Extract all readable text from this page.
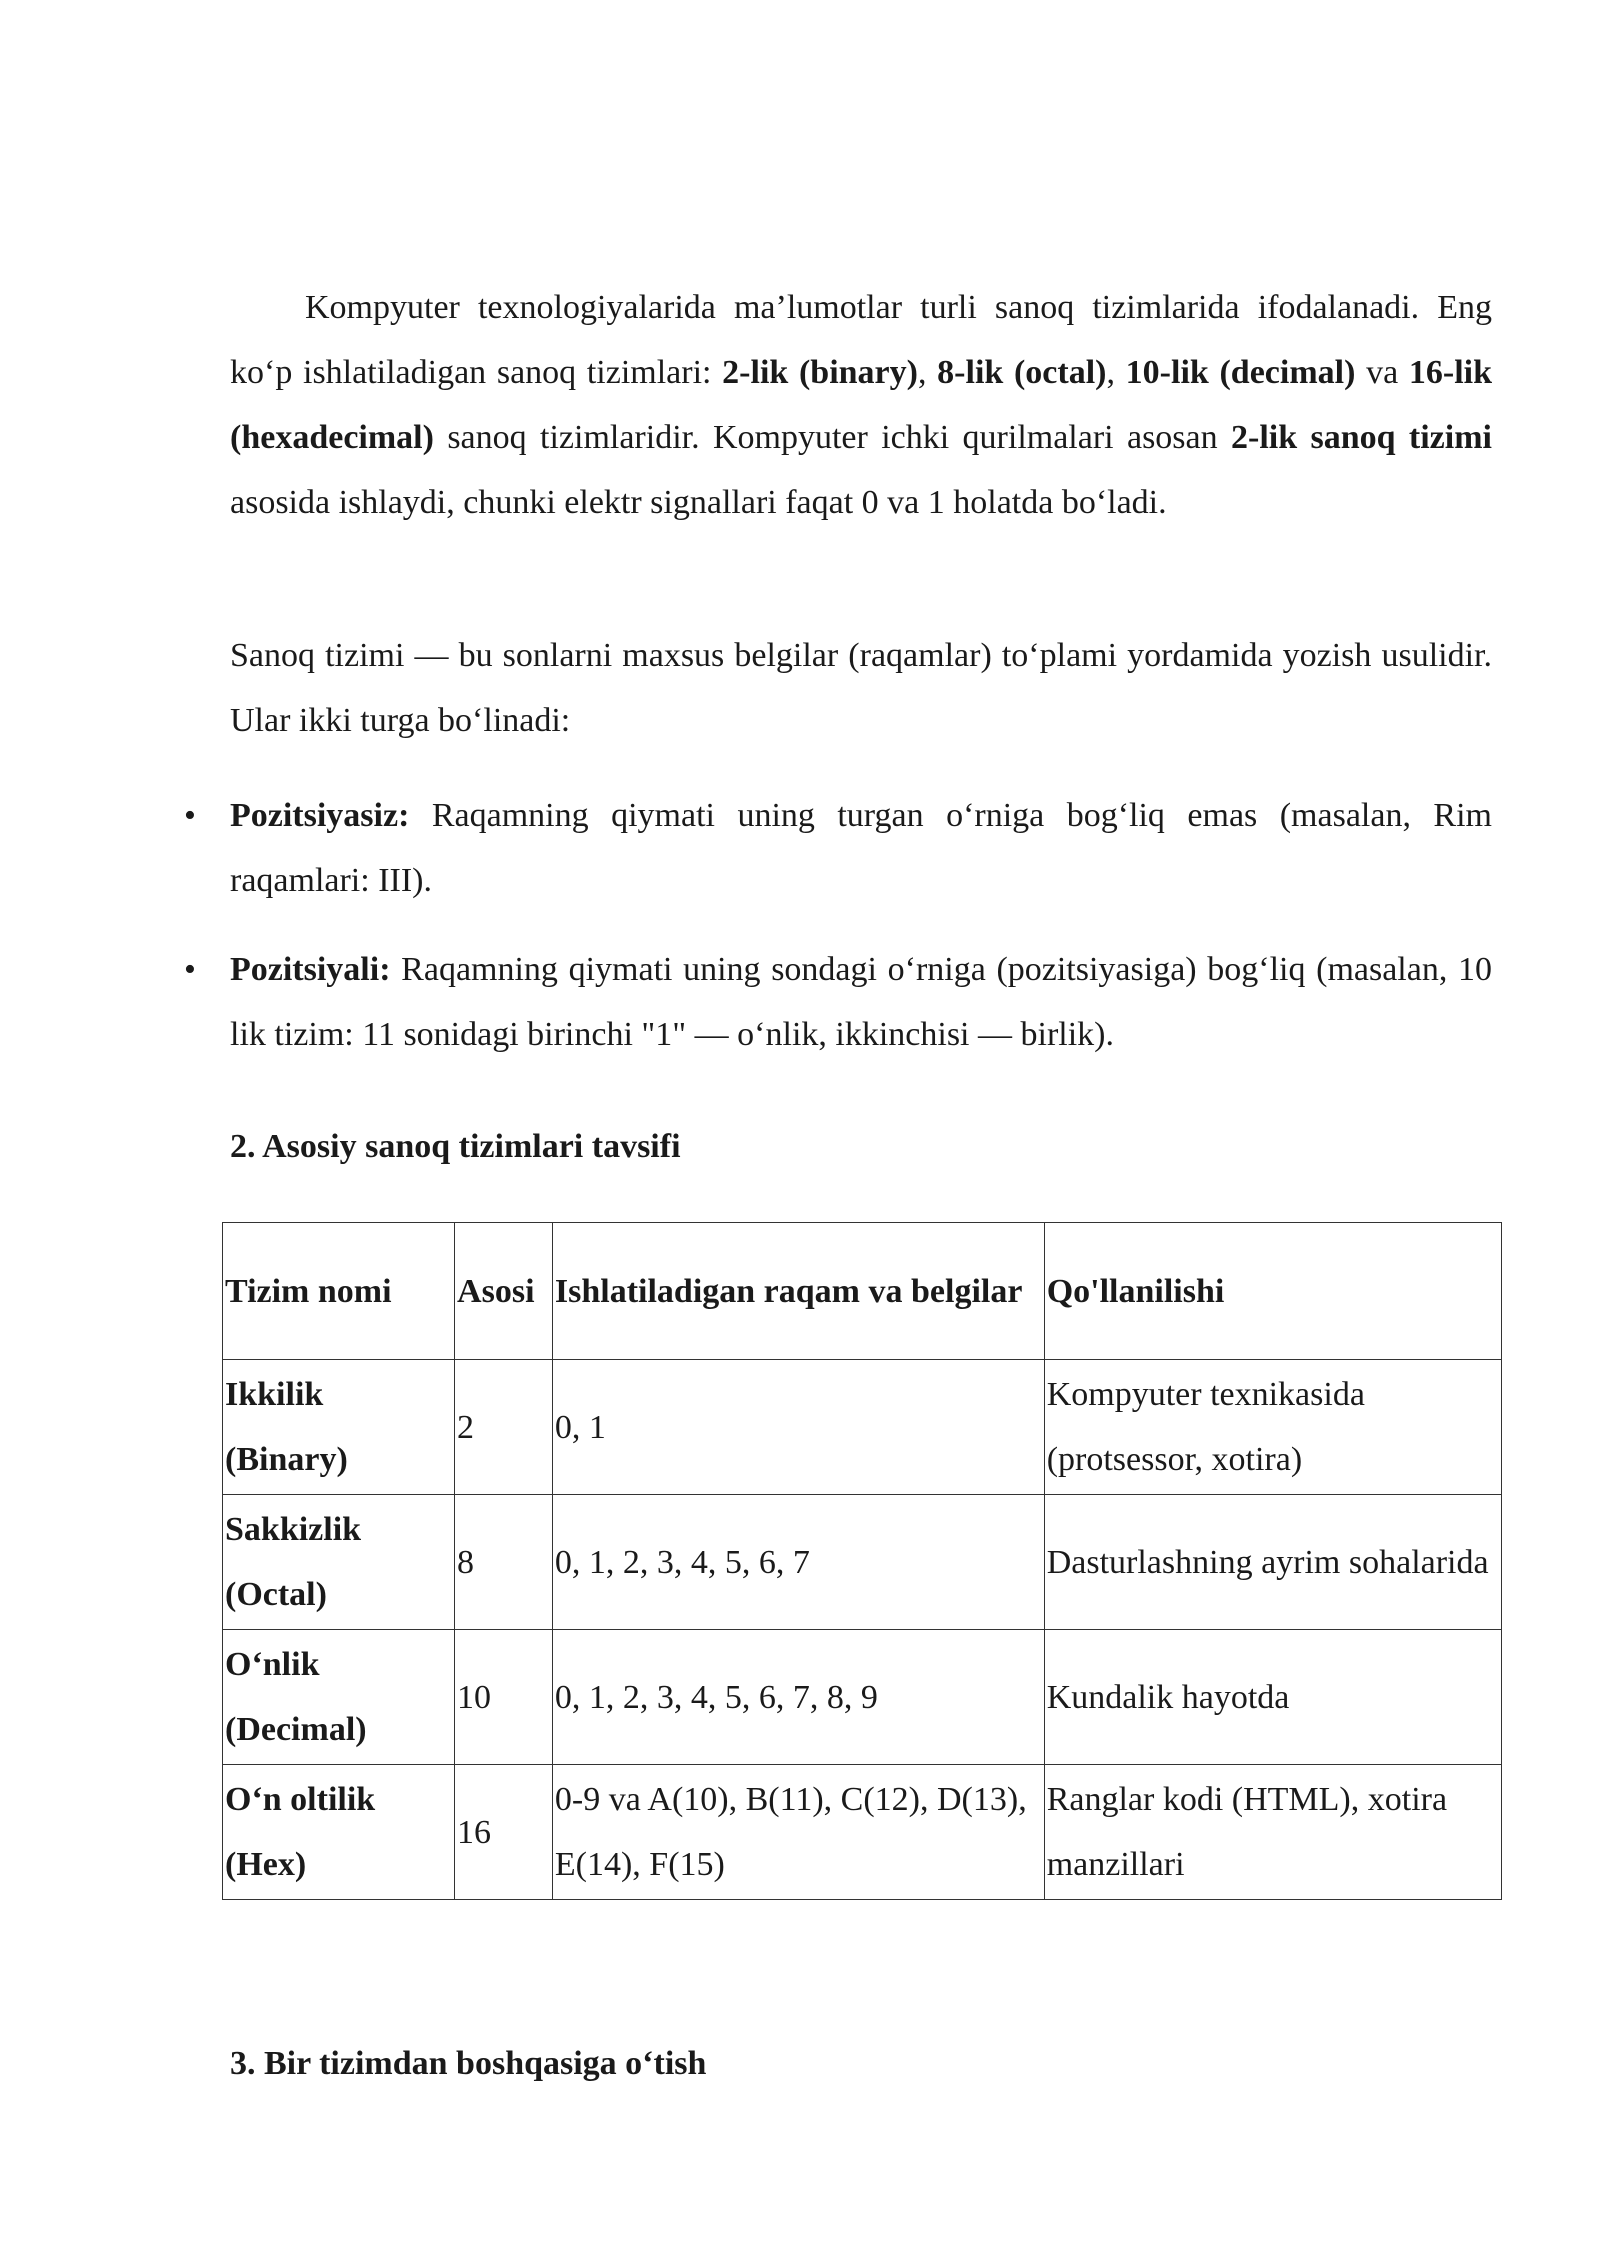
Kompyuter texnologiyalarida ma’lumotlar turli sanoq tizimlarida ifodalanadi. Eng ko‘p ishlatiladigan sanoq tizimlari: 2-lik (binary), 8-lik (octal), 10-lik (decimal) va 16-lik (hexadecimal) sanoq tizimlaridir. Kompyuter ichki qurilmalari asosan 2-lik sanoq tizimi asosida ishlaydi, chunki elektr signallari faqat 0 va 1 holatda bo‘ladi.

Sanoq tizimi — bu sonlarni maxsus belgilar (raqamlar) to‘plami yordamida yozish usulidir. Ular ikki turga bo‘linadi:

• Pozitsiyasiz: Raqamning qiymati uning turgan o‘rniga bog‘liq emas (masalan, Rim raqamlari: III).

• Pozitsiyali: Raqamning qiymati uning sondagi o‘rniga (pozitsiyasiga) bog‘liq (masalan, 10 lik tizim: 11 sonidagi birinchi "1" — o‘nlik, ikkinchisi — birlik).

2. Asosiy sanoq tizimlari tavsifi

Tizim nomi	Asosi	Ishlatiladigan raqam va belgilar	Qo'llanilishi
Ikkilik (Binary)	2	0, 1	Kompyuter texnikasida (protsessor, xotira)
Sakkizlik (Octal)	8	0, 1, 2, 3, 4, 5, 6, 7	Dasturlashning ayrim sohalarida
O‘nlik (Decimal)	10	0, 1, 2, 3, 4, 5, 6, 7, 8, 9	Kundalik hayotda
O‘n oltilik (Hex)	16	0-9 va A(10), B(11), C(12), D(13), E(14), F(15)	Ranglar kodi (HTML), xotira manzillari

3. Bir tizimdan boshqasiga o‘tish
